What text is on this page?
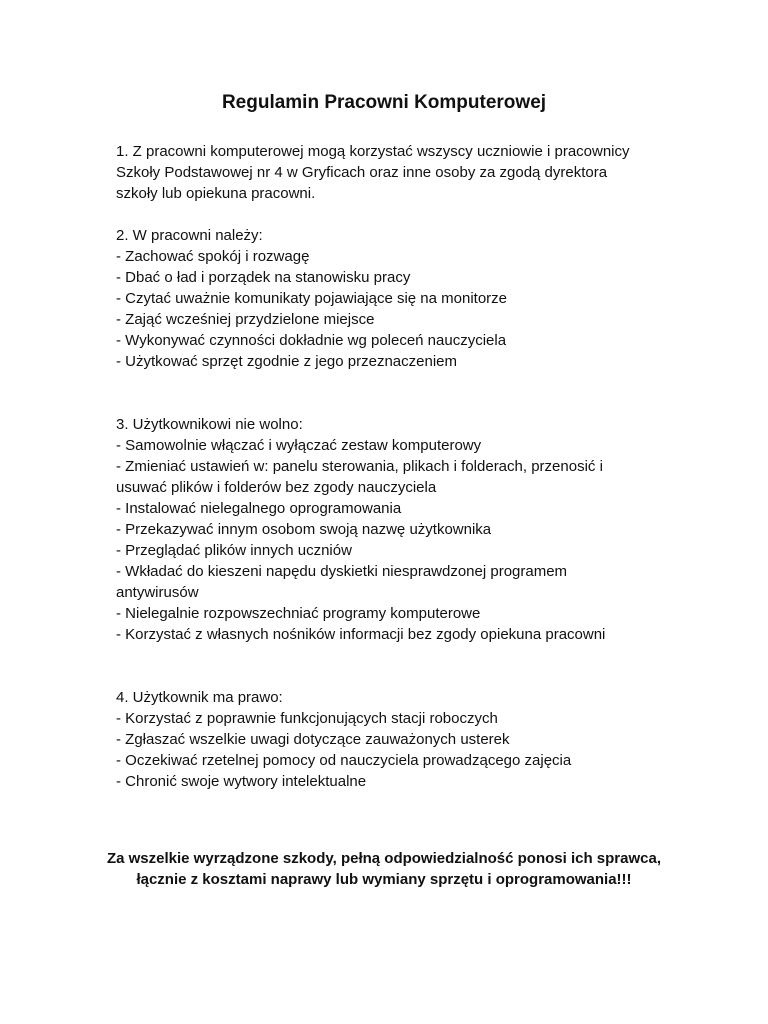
Regulamin Pracowni Komputerowej

1. Z pracowni komputerowej mogą korzystać wszyscy uczniowie i pracownicy Szkoły Podstawowej nr 4 w Gryficach oraz inne osoby za zgodą dyrektora szkoły lub opiekuna pracowni.

2. W pracowni należy:
- Zachować spokój i rozwagę
- Dbać o ład i porządek na stanowisku pracy
- Czytać uważnie komunikaty pojawiające się na monitorze
- Zająć wcześniej przydzielone miejsce
- Wykonywać czynności dokładnie wg poleceń nauczyciela
- Użytkować sprzęt zgodnie z jego przeznaczeniem
3. Użytkownikowi nie wolno:
- Samowolnie włączać i wyłączać zestaw komputerowy
- Zmieniać ustawień w: panelu sterowania, plikach i folderach, przenosić i usuwać plików i folderów bez zgody nauczyciela
- Instalować nielegalnego oprogramowania
- Przekazywać innym osobom swoją nazwę użytkownika
- Przeglądać plików innych uczniów
- Wkładać do kieszeni napędu dyskietki niesprawdzonej programem antywirusów
- Nielegalnie rozpowszechniać programy komputerowe
- Korzystać z własnych nośników informacji bez zgody opiekuna pracowni
4. Użytkownik ma prawo:
- Korzystać z poprawnie funkcjonujących stacji roboczych
- Zgłaszać wszelkie uwagi dotyczące zauważonych usterek
- Oczekiwać rzetelnej pomocy od nauczyciela prowadzącego zajęcia
- Chronić swoje wytwory intelektualne

Za wszelkie wyrządzone szkody, pełną odpowiedzialność ponosi ich sprawca, łącznie z kosztami naprawy lub wymiany sprzętu i oprogramowania!!!
